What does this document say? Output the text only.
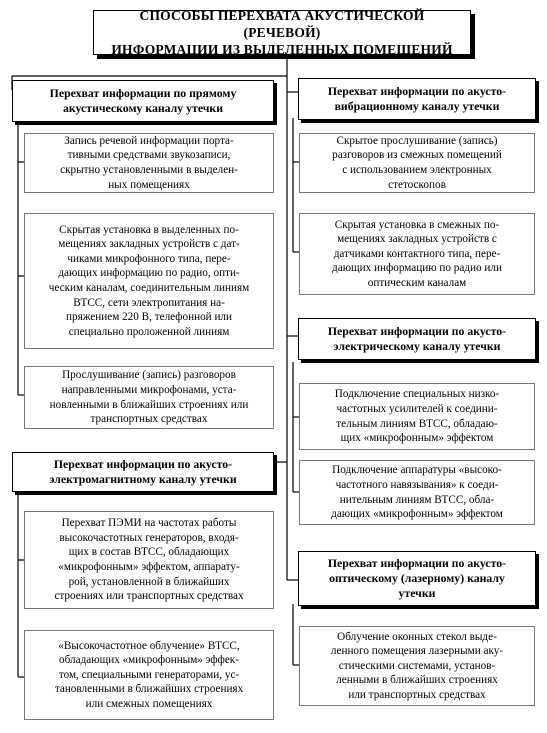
СПОСОБЫ ПЕРЕХВАТА АКУСТИЧЕСКОЙ (РЕЧЕВОЙ)
ИНФОРМАЦИИ ИЗ ВЫДЕЛЕННЫХ ПОМЕЩЕНИЙ
Перехват информации по прямому
акустическому каналу утечки
Запись речевой информации порта-
тивными средствами звукозаписи,
скрытно установленными в выделен-
ных помещениях
Скрытая установка в выделенных по-
мещениях закладных устройств с дат-
чиками микрофонного типа, пере-
дающих информацию по радио, опти-
ческим каналам, соединительным линиям
ВТСС, сети электропитания на-
пряжением 220 В, телефонной или
специально проложенной линиям
Прослушивание (запись) разговоров
направленными микрофонами, уста-
новленными в ближайших строениях или
транспортных средствах
Перехват информации по акусто-
электромагнитному каналу утечки
Перехват ПЭМИ на частотах работы
высокочастотных генераторов, входя-
щих в состав ВТСС, обладающих
«микрофонным» эффектом, аппарату-
рой, установленной в ближайших
строениях или транспортных средствах
«Высокочастотное облучение» ВТСС,
обладающих «микрофонным» эффек-
том, специальными генераторами, ус-
тановленными в ближайших строениях
или смежных помещениях
Перехват информации по акусто-
вибрационному каналу утечки
Скрытое прослушивание (запись)
разговоров из смежных помещений
с использованием электронных
стетоскопов
Скрытая установка в смежных по-
мещениях закладных устройств с
датчиками контактного типа, пере-
дающих информацию по радио или
оптическим каналам
Перехват информации по акусто-
электрическому каналу утечки
Подключение специальных низко-
частотных усилителей к соедини-
тельным линиям ВТСС, обладаю-
щих «микрофонным» эффектом
Подключение аппаратуры «высоко-
частотного навязывания» к соеди-
нительным линиям ВТСС, обла-
дающих «микрофонным» эффектом
Перехват информации по акусто-
оптическому (лазерному) каналу
утечки
Облучение оконных стекол выде-
ленного помещения лазерными аку-
стическими системами, установ-
ленными в ближайших строениях
или транспортных средствах
